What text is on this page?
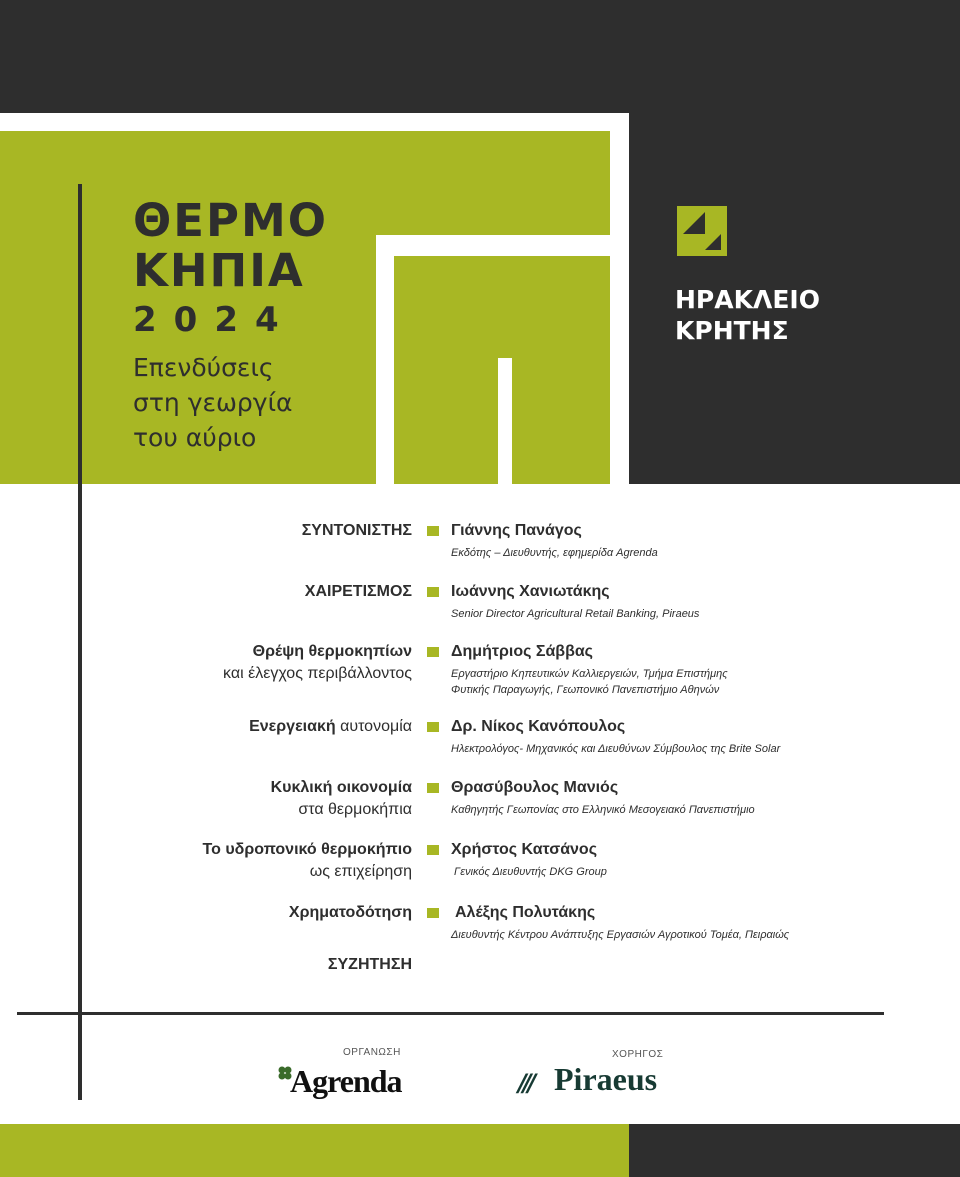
ΘΕΡΜΟ
ΚΗΠΙΑ
2024
Επενδύσεις
στη γεωργία
του αύριο
ΗΡΑΚΛΕΙΟ
ΚΡΗΤΗΣ
ΣΥΝΤΟΝΙΣΤΗΣ Γιάννης Πανάγος
Εκδότης – Διευθυντής, εφημερίδα Agrenda
ΧΑΙΡΕΤΙΣΜΟΣ Ιωάννης Χανιωτάκης
Senior Director Agricultural Retail Banking, Piraeus
Θρέψη θερμοκηπίων
και έλεγχος περιβάλλοντος
Δημήτριος Σάββας
Εργαστήριο Κηπευτικών Καλλιεργειών, Τμήμα Επιστήμης
Φυτικής Παραγωγής, Γεωπονικό Πανεπιστήμιο Αθηνών
Ενεργειακή αυτονομία Δρ. Νίκος Κανόπουλος
Ηλεκτρολόγος- Μηχανικός και Διευθύνων Σύμβουλος της Brite Solar
Κυκλική οικονομία
στα θερμοκήπια
Θρασύβουλος Μανιός
Καθηγητής Γεωπονίας στο Ελληνικό Μεσογειακό Πανεπιστήμιο
Το υδροπονικό θερμοκήπιο
ως επιχείρηση
Χρήστος Κατσάνος
Γενικός Διευθυντής DKG Group
Χρηματοδότηση	Αλέξης Πολυτάκης
Διευθυντής Κέντρου Ανάπτυξης Εργασιών Αγροτικού Τομέα, Πειραιώς
ΣΥΖΗΤΗΣΗ
ΟΡΓΑΝΩΣΗ
Agrenda
ΧΟΡΗΓΟΣ
/// Piraeus
